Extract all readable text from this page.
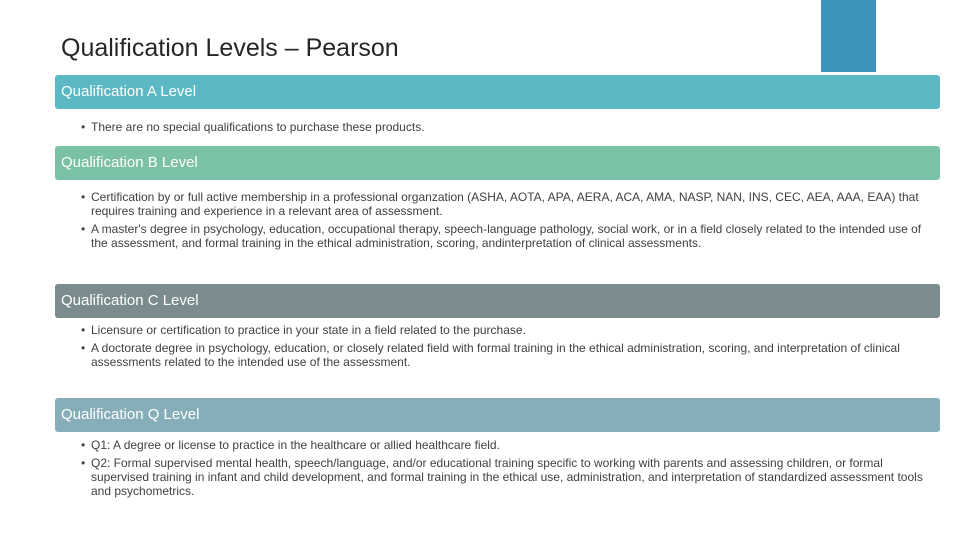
Qualification Levels – Pearson
Qualification A Level
• There are no special qualifications to purchase these products.
Qualification B Level
• Certification by or full active membership in a professional organzation (ASHA, AOTA, APA, AERA, ACA, AMA, NASP, NAN, INS, CEC, AEA, AAA, EAA) that requires training and experience in a relevant area of assessment.
• A master's degree in psychology, education, occupational therapy, speech-language pathology, social work, or in a field closely related to the intended use of the assessment, and formal training in the ethical administration, scoring, andinterpretation of clinical assessments.
Qualification C Level
• Licensure or certification to practice in your state in a field related to the purchase.
• A doctorate degree in psychology, education, or closely related field with formal training in the ethical administration, scoring, and interpretation of clinical assessments related to the intended use of the assessment.
Qualification Q Level
• Q1: A degree or license to practice in the healthcare or allied healthcare field.
• Q2: Formal supervised mental health, speech/language, and/or educational training specific to working with parents and assessing children, or formal supervised training in infant and child development, and formal training in the ethical use, administration, and interpretation of standardized assessment tools and psychometrics.
